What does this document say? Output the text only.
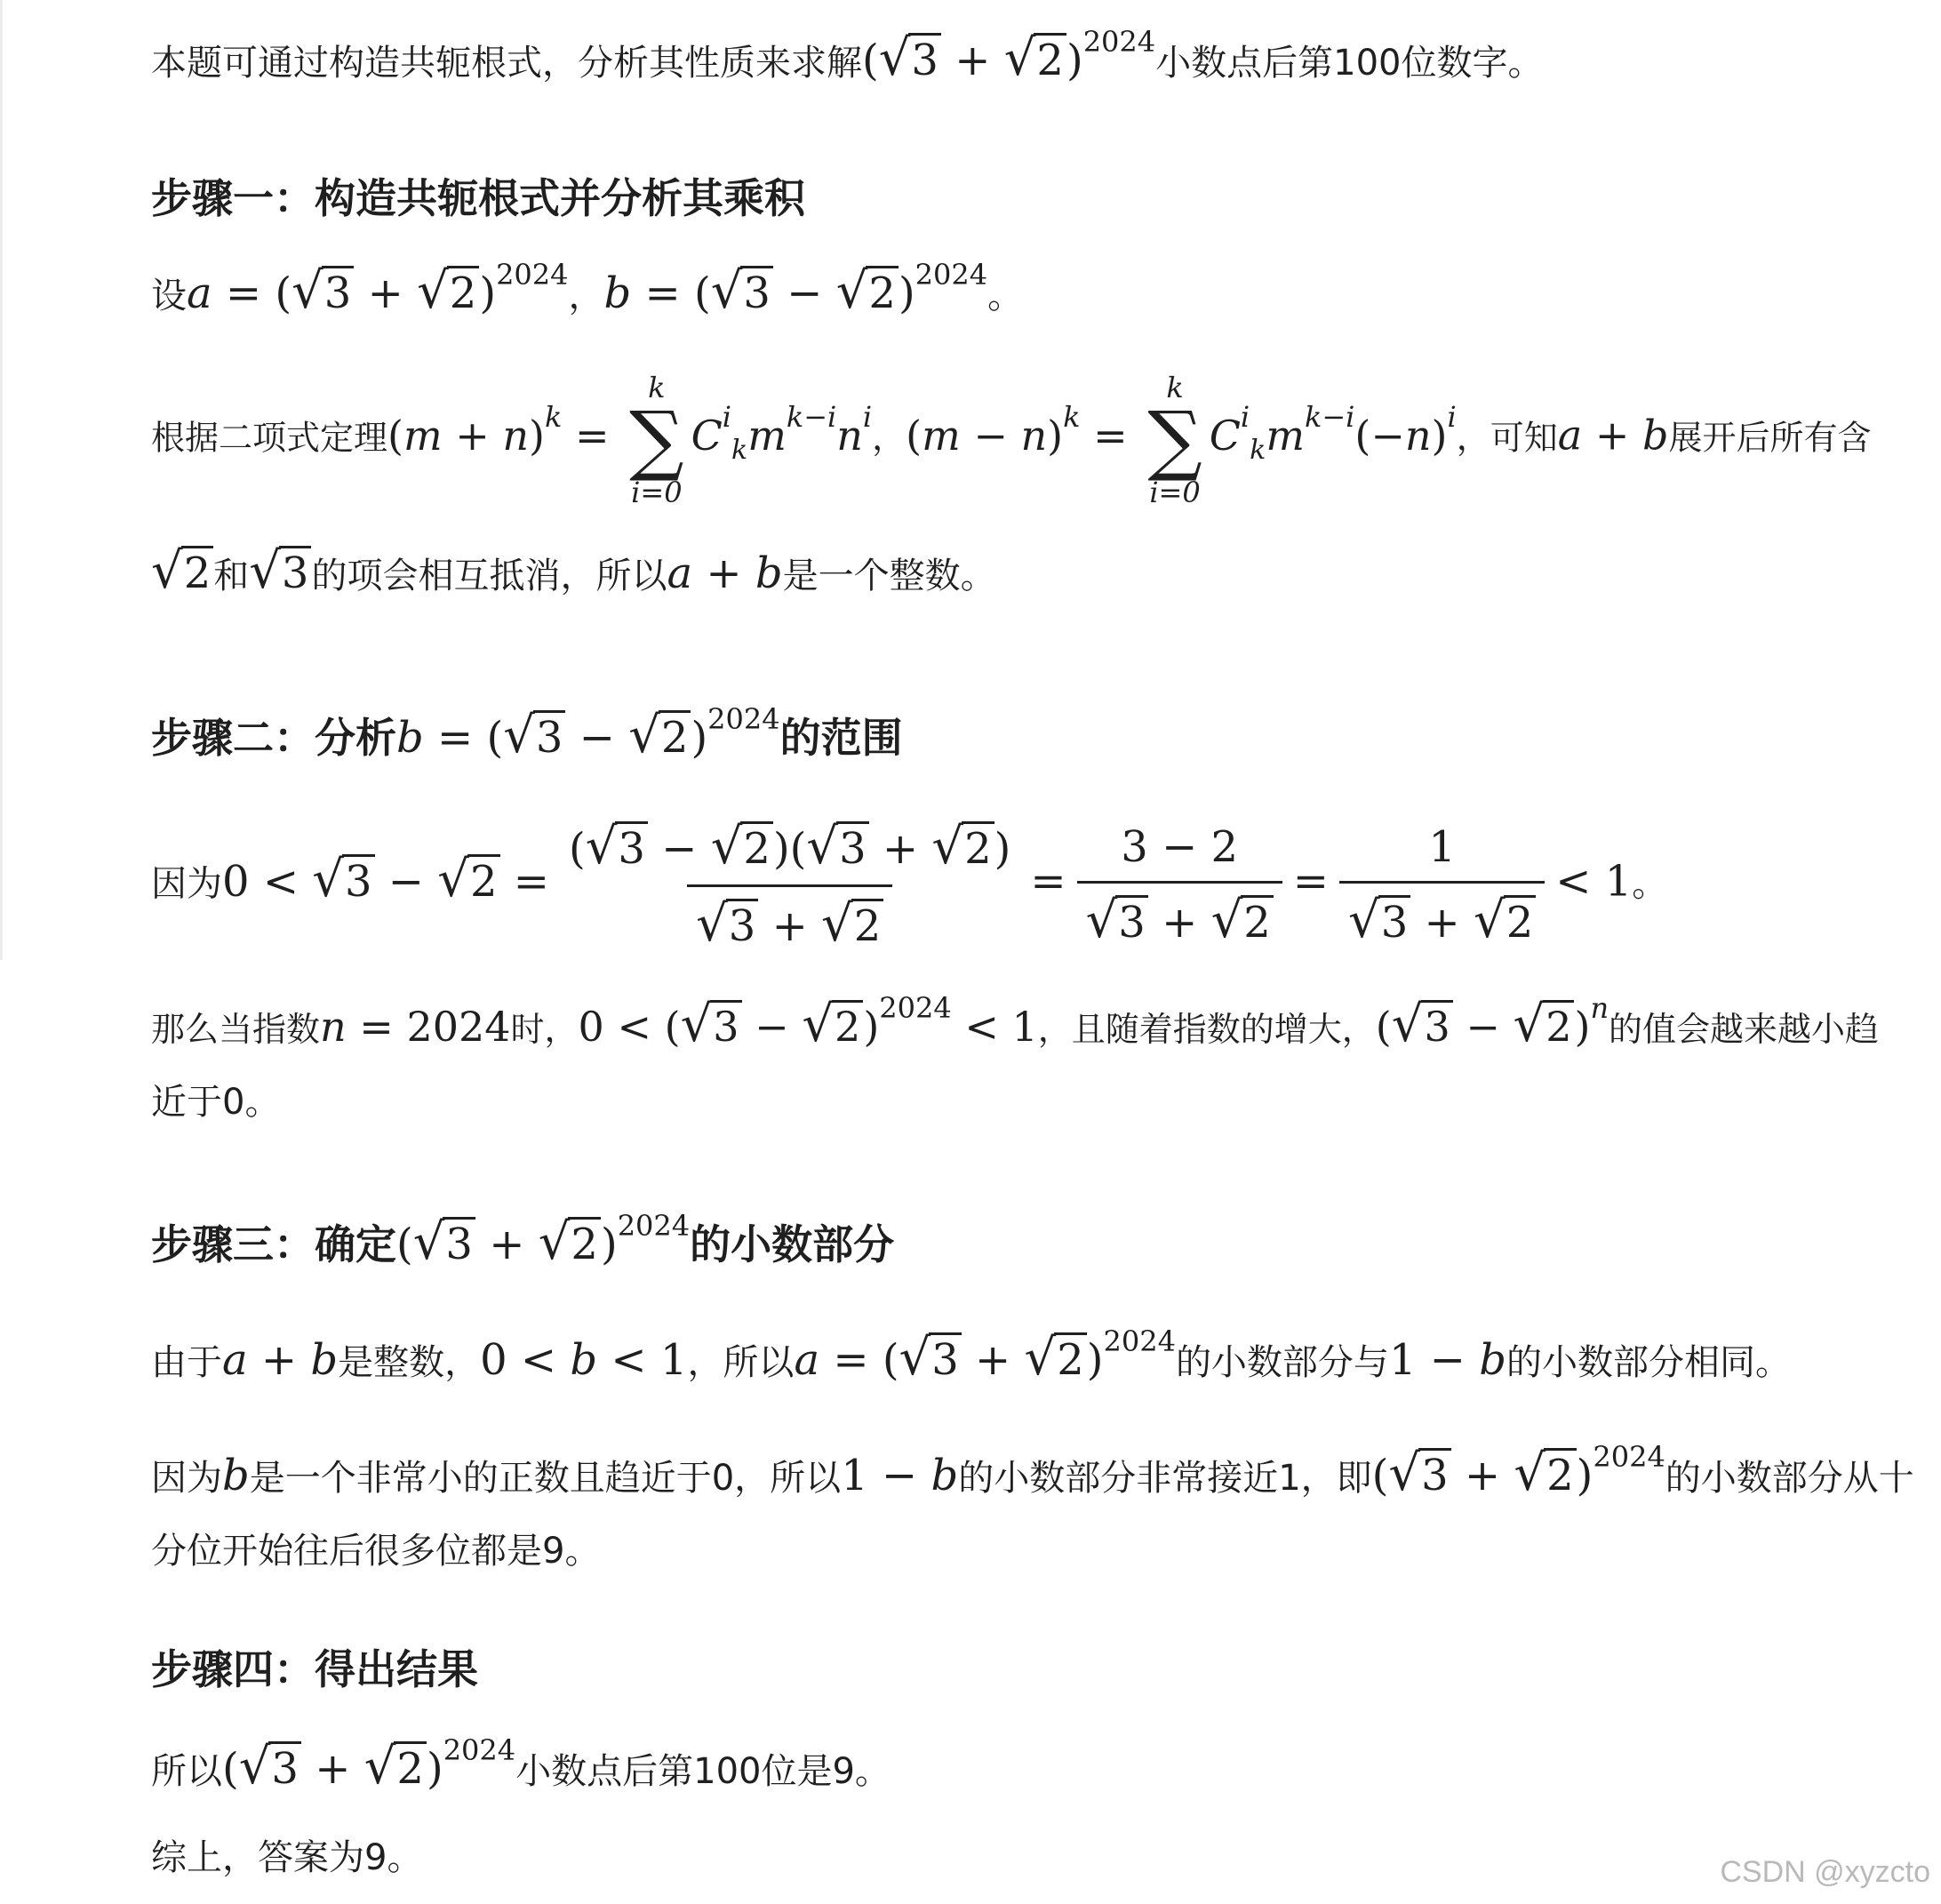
本题可通过构造共轭根式，分析其性质来求解$(√3 + √2)^{2024}$小数点后第100位数字。
步骤一：构造共轭根式并分析其乘积
设$a = (√3 + √2)^{2024}$，$b = (√3 - √2)^{2024}$。
根据二项式定理$(m + n)^k$ =
k
∑
i=0
$C^i_km^{k-i}n^i$，$(m - n)^k$ =
k
∑
i=0
$C^i_km^{k-i}(-n)^i$，可知a + b展开后所有含
√2和√3的项会相互抵消，所以a + b是一个整数。
步骤二：分析$b = (√3 - √2)^{2024}$的范围
因为$0 < √3 - √2 = \frac{(√3 - √2)(√3 + √2)}{√3 + √2} = \frac{3 - 2}{√3 + √2} = \frac{1}{√3 + √2} < 1$。
那么当指数n = 2024时，$0 < (√3 - √2)^{2024} < 1$，且随着指数的增大，$(√3 - √2)^n$的值会越来越小趋
近于0。
步骤三：确定$(√3 + √2)^{2024}$的小数部分
由于a + b是整数，0 < b < 1，所以$a = (√3 + √2)^{2024}$的小数部分与1 − b的小数部分相同。
因为b是一个非常小的正数且趋近于0，所以1 − b的小数部分非常接近1，即$(√3 + √2)^{2024}$的小数部分从十
分位开始往后很多位都是9。
步骤四：得出结果
所以$(√3 + √2)^{2024}$小数点后第100位是9。
综上，答案为9。	CSDN @xyzcto
